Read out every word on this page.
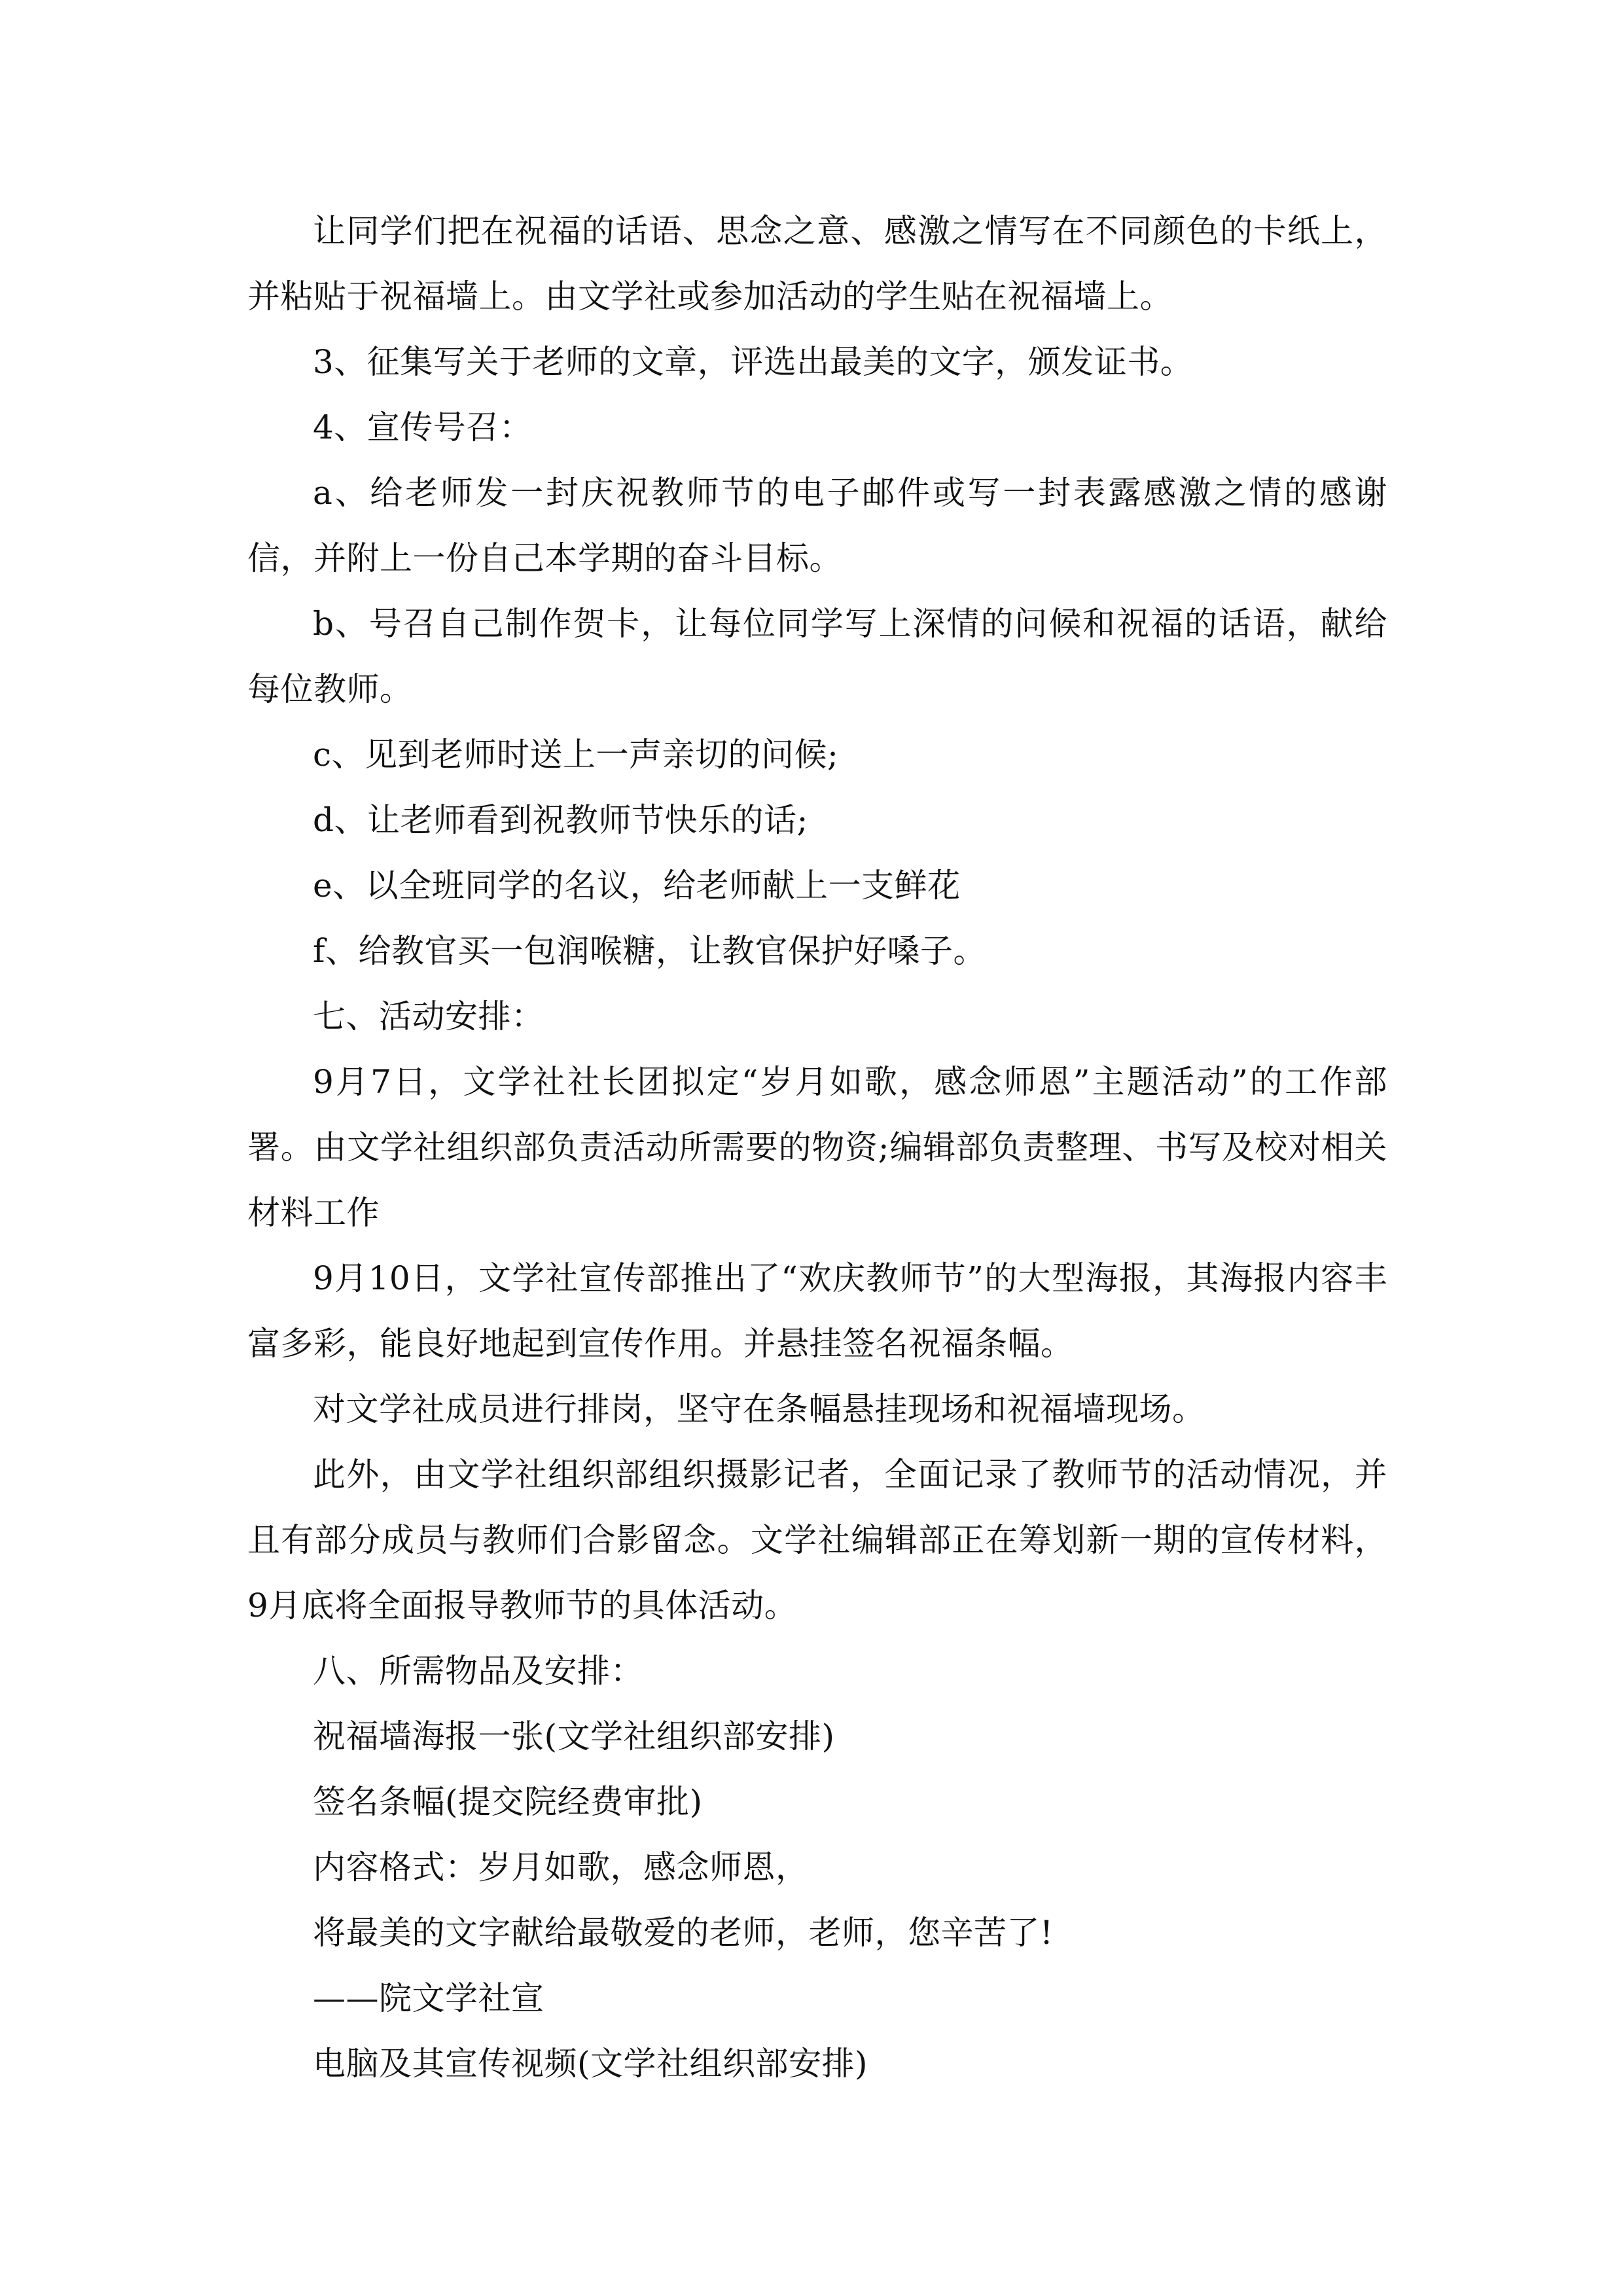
让同学们把在祝福的话语、思念之意、感激之情写在不同颜色的卡纸上，并粘贴于祝福墙上。由文学社或参加活动的学生贴在祝福墙上。

3、征集写关于老师的文章，评选出最美的文字，颁发证书。

4、宣传号召：

a、给老师发一封庆祝教师节的电子邮件或写一封表露感激之情的感谢信，并附上一份自己本学期的奋斗目标。

b、号召自己制作贺卡，让每位同学写上深情的问候和祝福的话语，献给每位教师。

c、见到老师时送上一声亲切的问候;

d、让老师看到祝教师节快乐的话;

e、以全班同学的名议，给老师献上一支鲜花

f、给教官买一包润喉糖，让教官保护好嗓子。

七、活动安排：

9月7日，文学社社长团拟定“岁月如歌，感念师恩”主题活动”的工作部署。由文学社组织部负责活动所需要的物资;编辑部负责整理、书写及校对相关材料工作

9月10日，文学社宣传部推出了“欢庆教师节”的大型海报，其海报内容丰富多彩，能良好地起到宣传作用。并悬挂签名祝福条幅。

对文学社成员进行排岗，坚守在条幅悬挂现场和祝福墙现场。

此外，由文学社组织部组织摄影记者，全面记录了教师节的活动情况，并且有部分成员与教师们合影留念。文学社编辑部正在筹划新一期的宣传材料，9月底将全面报导教师节的具体活动。

八、所需物品及安排：

祝福墙海报一张(文学社组织部安排)

签名条幅(提交院经费审批)

内容格式：岁月如歌，感念师恩，

将最美的文字献给最敬爱的老师，老师，您辛苦了!

——院文学社宣

电脑及其宣传视频(文学社组织部安排)
